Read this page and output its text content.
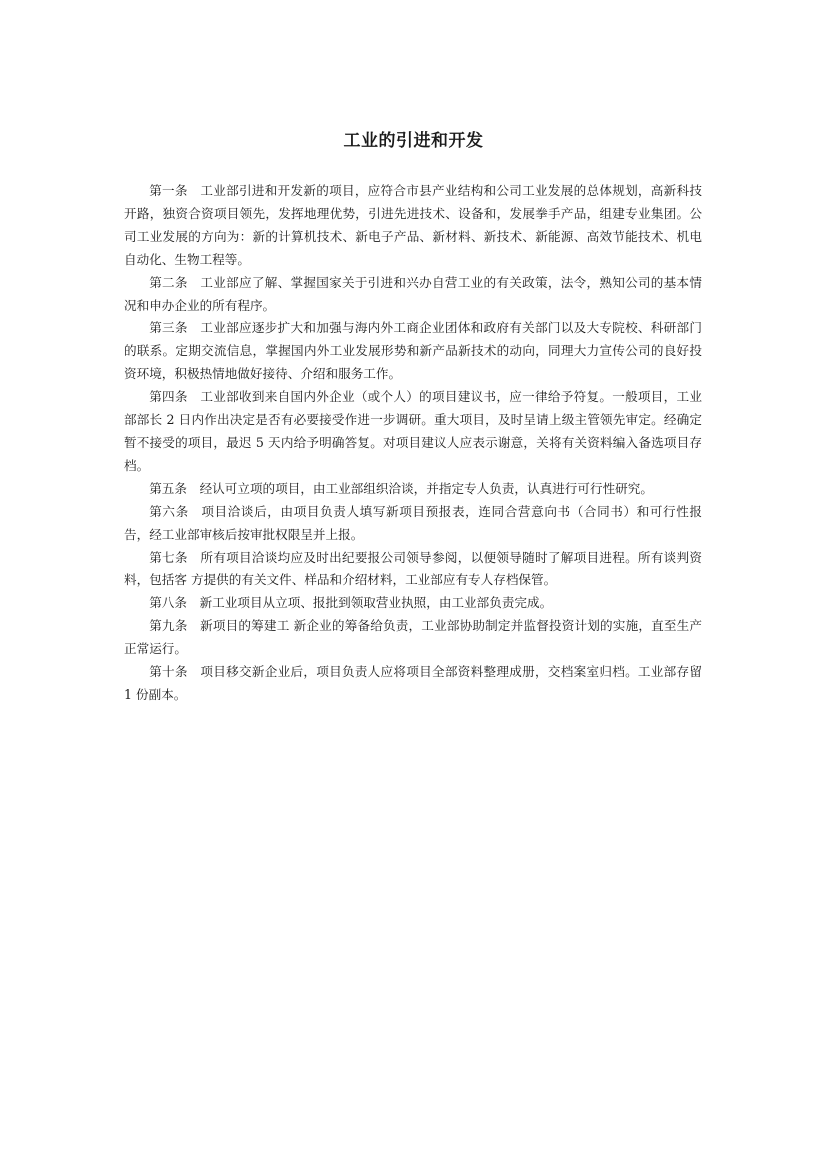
工业的引进和开发

第一条 工业部引进和开发新的项目，应符合市县产业结构和公司工业发展的总体规划，高新科技开路，独资合资项目领先，发挥地理优势，引进先进技术、设备和，发展拳手产品，组建专业集团。公司工业发展的方向为：新的计算机技术、新电子产品、新材料、新技术、新能源、高效节能技术、机电自动化、生物工程等。

第二条 工业部应了解、掌握国家关于引进和兴办自营工业的有关政策，法令，熟知公司的基本情况和申办企业的所有程序。

第三条 工业部应逐步扩大和加强与海内外工商企业团体和政府有关部门以及大专院校、科研部门的联系。定期交流信息，掌握国内外工业发展形势和新产品新技术的动向，同理大力宣传公司的良好投资环境，积极热情地做好接待、介绍和服务工作。

第四条 工业部收到来自国内外企业（或个人）的项目建议书，应一律给予符复。一般项目，工业部部长 2 日内作出决定是否有必要接受作进一步调研。重大项目，及时呈请上级主管领先审定。经确定暂不接受的项目，最迟 5 天内给予明确答复。对项目建议人应表示谢意，关将有关资料编入备选项目存档。

第五条 经认可立项的项目，由工业部组织洽谈，并指定专人负责，认真进行可行性研究。

第六条 项目洽谈后，由项目负责人填写新项目预报表，连同合营意向书（合同书）和可行性报告，经工业部审核后按审批权限呈并上报。

第七条 所有项目洽谈均应及时出纪要报公司领导参阅，以便领导随时了解项目进程。所有谈判资料，包括客 方提供的有关文件、样品和介绍材料，工业部应有专人存档保管。

第八条 新工业项目从立项、报批到领取营业执照，由工业部负责完成。

第九条 新项目的筹建工 新企业的筹备给负责，工业部协助制定并监督投资计划的实施，直至生产正常运行。

第十条 项目移交新企业后，项目负责人应将项目全部资料整理成册，交档案室归档。工业部存留 1 份副本。
